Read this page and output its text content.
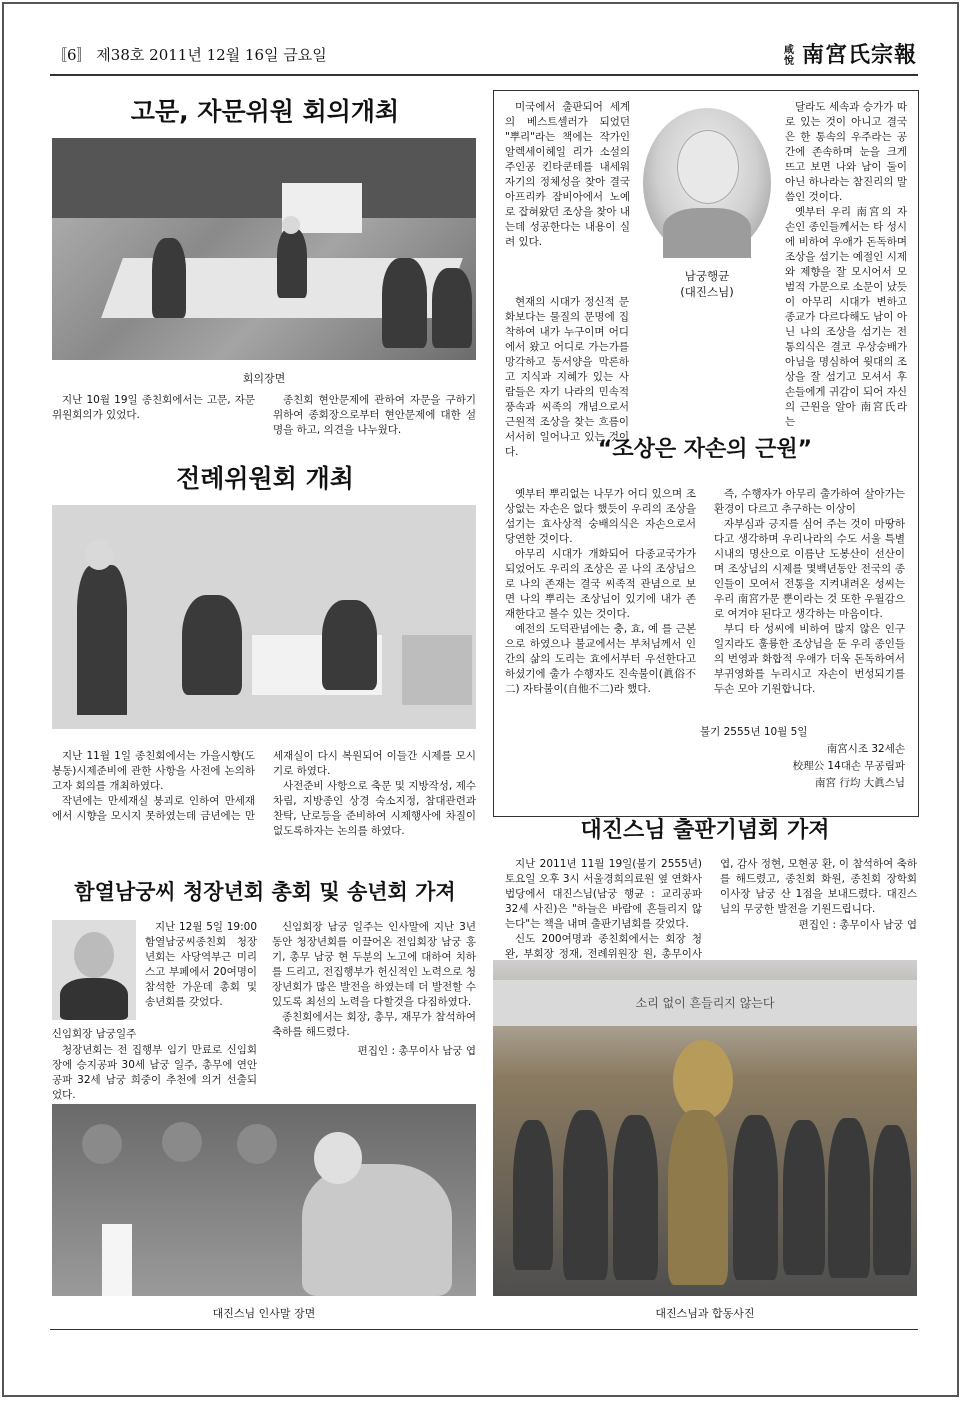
〚6〛 제38호 2011년 12월 16일 금요일	咸悅 南宮氏宗報
고문, 자문위원 회의개최
회의장면

지난 10월 19일 종친회에서는 고문, 자문위원회의가 있었다.

종친회 현안문제에 관하여 자문을 구하기 위하여 종회장으로부터 현안문제에 대한 설명을 하고, 의견을 나누웠다.

전례위원회 개최

지난 11월 1일 종친회에서는 가을시향(도봉동)시제준비에 관한 사항을 사전에 논의하고자 회의를 개최하였다.

작년에는 만세재실 붕괴로 인하여 만세재에서 시향을 모시지 못하였는데 금년에는 만세재실이 다시 복원되어 이들간 시제를 모시기로 하였다.

사전준비 사항으로 축문 및 지방작성, 제수차림, 지방종인 상경 숙소지정, 참대관련과 찬탁, 난로등을 준비하여 시제행사에 차질이 없도록하자는 논의를 하였다.

함열남궁씨 청장년회 총회 및 송년회 가져
신임회장 남궁일주

지난 12월 5일 19:00 함열남궁씨종친회 청장년회는 사당역부근 미리스고 부페에서 20여명이 참석한 가운데 총회 및 송년회를 갖었다.

청장년회는 전 집행부 임기 만료로 신임회장에 승지공파 30세 남궁 일주, 총무에 연안공파 32세 남궁 희중이 추천에 의거 선출되었다.

신임회장 남궁 일주는 인사말에 지난 3년동안 청장년회를 이끌어온 전임회장 남궁 홍기, 총무 남궁 현 두분의 노고에 대하여 치하를 드리고, 전집행부가 헌신적인 노력으로 청장년회가 많은 발전을 하였는데 더 발전할 수 있도록 최선의 노력을 다할것을 다짐하였다.

종친회에서는 회장, 총무, 재무가 참석하여 축하를 해드렸다.

편집인 : 총무이사 남궁 엽
대진스님 인사말 장면

미국에서 출판되어 세계의 베스트셀러가 되었던 "뿌리"라는 책에는 작가인 알렉세이헤일 리가 소설의 주인공 킨타쿤테를 내세워 자기의 정체성을 찾아 결국 아프리카 잠비아에서 노예로 잡혀왔던 조상을 찾아 내는데 성공한다는 내용이 실려 있다.

남궁행균
(대진스님)

현재의 시대가 정신적 문화보다는 물질의 문명에 집착하여 내가 누구이며 어디에서 왔고 어디로 가는가를 망각하고 동서양을 막론하고 지식과 지혜가 있는 사람들은 자기 나라의 민속적 풍속과 씨족의 개념으로서 근원적 조상을 찾는 흐름이 서서히 일어나고 있는 것이다.

달라도 세속과 승가가 따로 있는 것이 아니고 결국은 한 통속의 우주라는 공간에 존속하며 눈을 크게 뜨고 보면 나와 남이 둘이 아닌 하나라는 참진리의 말씀인 것이다.

옛부터 우리 南宮의 자손인 종인들께서는 타 성시에 비하여 우애가 돈독하며 조상을 섬기는 예절인 시제와 제향을 잘 모시어서 모범적 가문으로 소문이 났듯이 아무리 시대가 변하고 종교가 다르다해도 남이 아닌 나의 조상을 섬기는 전통의식은 결코 우상숭배가 아님을 명심하여 윗대의 조상을 잘 섬기고 모셔서 후손들에게 귀감이 되어 자신의 근원을 알아 南宮氏라는

“조상은 자손의 근원”

옛부터 뿌리없는 나무가 어디 있으며 조상없는 자손은 없다 했듯이 우리의 조상을 섬기는 효사상적 숭배의식은 자손으로서 당연한 것이다.

아무리 시대가 개화되어 다종교국가가 되었어도 우리의 조상은 곧 나의 조상님으로 나의 존재는 결국 씨족적 관념으로 보면 나의 뿌리는 조상님이 있기에 내가 존재한다고 볼수 있는 것이다.

예전의 도덕관념에는 충, 효, 예 를 근본으로 하였으나 불교에서는 부처님께서 인간의 삶의 도리는 효에서부터 우선한다고 하셨기에 출가 수행자도 진속불이(眞俗不二) 자타불이(自他不二)라 했다.

즉, 수행자가 아무리 출가하여 살아가는 환경이 다르고 추구하는 이상이

자부심과 긍지를 심어 주는 것이 마땅하다고 생각하며 우리나라의 수도 서울 특별시내의 명산으로 이름난 도봉산이 선산이며 조상님의 시제를 몇백년동안 전국의 종인들이 모여서 전통을 지켜내려온 성씨는 우리 南宮가문 뿐이라는 것 또한 우월감으로 여겨야 된다고 생각하는 마음이다.

부디 타 성씨에 비하여 많지 않은 인구일지라도 훌륭한 조상님을 둔 우리 종인들의 번영과 화합적 우애가 더욱 돈독하여서 부귀영화를 누리시고 자손이 번성되기를 두손 모아 기원합니다.

불기 2555년 10월 5일
南宮시조 32세손
校理公 14대손 무공림파
南宮 行均 大眞스님
대진스님 출판기념회 가져

지난 2011년 11월 19일(불기 2555년) 토요일 오후 3시 서울경희의료원 옆 연화사 법당에서 대진스님(남궁 행균 : 교리공파 32세 사진)은 "하늘은 바람에 흔들리지 않는다"는 책을 내며 출판기념회를 갖었다.

신도 200여명과 종친회에서는 회장 청완, 부회장 정재, 전례위원장 원, 총무이사 엽, 감사 정현, 모현공 환, 이 참석하여 축하를 해드렸고, 종친회 화원, 종친회 장학회 이사장 남궁 산 1점을 보내드렸다. 대진스님의 무궁한 발전을 기원드립니다.

편집인 : 총무이사 남궁 엽
소리 없이 흔들리지 않는다
대진스님과 합동사진
